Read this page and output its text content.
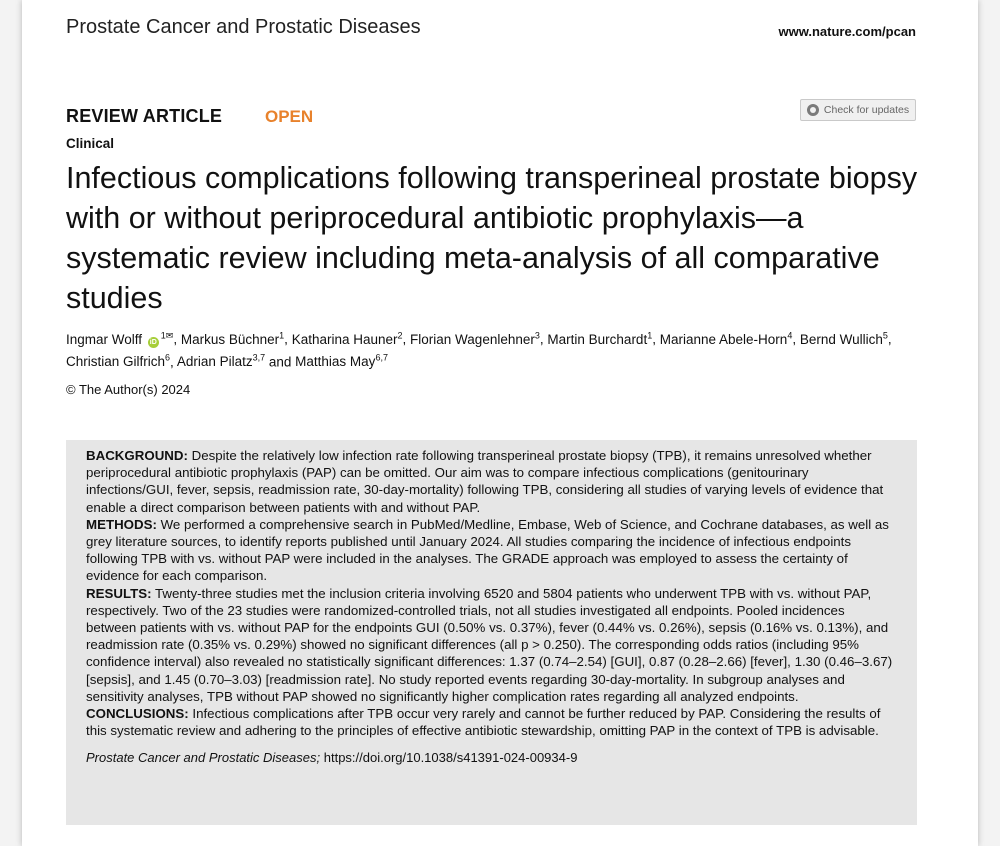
Prostate Cancer and Prostatic Diseases	www.nature.com/pcan
REVIEW ARTICLE	OPEN	Check for updates
Clinical
Infectious complications following transperineal prostate biopsy with or without periprocedural antibiotic prophylaxis—a systematic review including meta-analysis of all comparative studies
Ingmar Wolff $iD^{1✉}$, Markus Büchner$^1$, Katharina Hauner$^2$, Florian Wagenlehner$^3$, Martin Burchardt$^1$, Marianne Abele-Horn$^4$, Bernd Wullich$^5$, Christian Gilfrich$^6$, Adrian Pilatz$^{3,7}$ and Matthias May$^{6,7}$
© The Author(s) 2024

BACKGROUND: Despite the relatively low infection rate following transperineal prostate biopsy (TPB), it remains unresolved whether periprocedural antibiotic prophylaxis (PAP) can be omitted. Our aim was to compare infectious complications (genitourinary infections/GUI, fever, sepsis, readmission rate, 30-day-mortality) following TPB, considering all studies of varying levels of evidence that enable a direct comparison between patients with and without PAP.

METHODS: We performed a comprehensive search in PubMed/Medline, Embase, Web of Science, and Cochrane databases, as well as grey literature sources, to identify reports published until January 2024. All studies comparing the incidence of infectious endpoints following TPB with vs. without PAP were included in the analyses. The GRADE approach was employed to assess the certainty of evidence for each comparison.

RESULTS: Twenty-three studies met the inclusion criteria involving 6520 and 5804 patients who underwent TPB with vs. without PAP, respectively. Two of the 23 studies were randomized-controlled trials, not all studies investigated all endpoints. Pooled incidences between patients with vs. without PAP for the endpoints GUI (0.50% vs. 0.37%), fever (0.44% vs. 0.26%), sepsis (0.16% vs. 0.13%), and readmission rate (0.35% vs. 0.29%) showed no significant differences (all p > 0.250). The corresponding odds ratios (including 95% confidence interval) also revealed no statistically significant differences: 1.37 (0.74–2.54) [GUI], 0.87 (0.28–2.66) [fever], 1.30 (0.46–3.67) [sepsis], and 1.45 (0.70–3.03) [readmission rate]. No study reported events regarding 30-day-mortality. In subgroup analyses and sensitivity analyses, TPB without PAP showed no significantly higher complication rates regarding all analyzed endpoints.

CONCLUSIONS: Infectious complications after TPB occur very rarely and cannot be further reduced by PAP. Considering the results of this systematic review and adhering to the principles of effective antibiotic stewardship, omitting PAP in the context of TPB is advisable.

Prostate Cancer and Prostatic Diseases; https://doi.org/10.1038/s41391-024-00934-9
